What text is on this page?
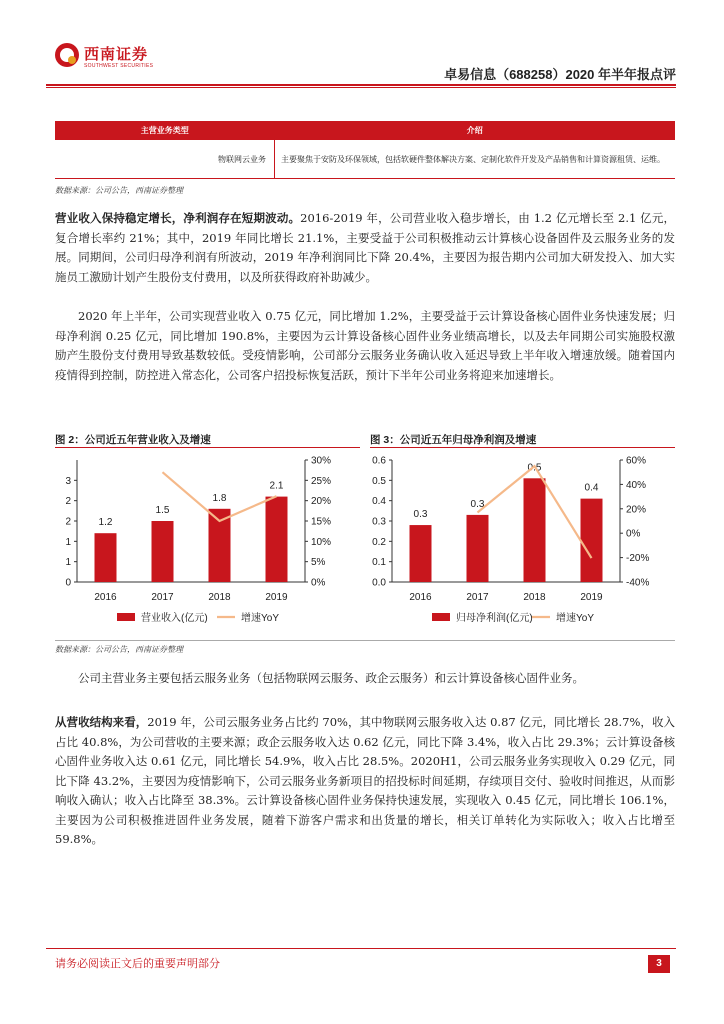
西南证券
SOUTHWEST SECURITIES
卓易信息（688258）2020 年半年报点评
主营业务类型	介绍
物联网云业务	主要聚焦于安防及环保领域，包括软硬件整体解决方案、定制化软件开发及产品销售和计算资源租赁、运维。
数据来源：公司公告，西南证券整理
营业收入保持稳定增长，净利润存在短期波动。2016-2019 年，公司营业收入稳步增长，由 1.2 亿元增长至 2.1 亿元，复合增长率约 21%；其中，2019 年同比增长 21.1%，主要受益于公司积极推动云计算核心设备固件及云服务业务的发展。同期间，公司归母净利润有所波动，2019 年净利润同比下降 20.4%，主要因为报告期内公司加大研发投入、加大实施员工激励计划产生股份支付费用，以及所获得政府补助减少。
2020 年上半年，公司实现营业收入 0.75 亿元，同比增加 1.2%，主要受益于云计算设备核心固件业务快速发展；归母净利润 0.25 亿元，同比增加 190.8%，主要因为云计算设备核心固件业务业绩高增长，以及去年同期公司实施股权激励产生股份支付费用导致基数较低。受疫情影响，公司部分云服务业务确认收入延迟导致上半年收入增速放缓。随着国内疫情得到控制，防控进入常态化，公司客户招投标恢复活跃，预计下半年公司业务将迎来加速增长。
图 2：公司近五年营业收入及增速	图 3：公司近五年归母净利润及增速
0
1
1
2
2
3
0%
5%
10%
15%
20%
25%
30%
1.2
2016
1.5
2017
1.8
2018
2.1
2019
营业收入(亿元)	增速YoY
0.0
0.1
0.2
0.3
0.4
0.5
0.6
-40%
-20%
0%
20%
40%
60%
0.3
2016
0.3
2017
0.5
2018
0.4
2019
归母净利润(亿元) 增速YoY
数据来源：公司公告，西南证券整理
公司主营业务主要包括云服务业务（包括物联网云服务、政企云服务）和云计算设备核心固件业务。
从营收结构来看，2019 年，公司云服务业务占比约 70%，其中物联网云服务收入达 0.87 亿元，同比增长 28.7%，收入占比 40.8%，为公司营收的主要来源；政企云服务收入达 0.62 亿元，同比下降 3.4%，收入占比 29.3%；云计算设备核心固件业务收入达 0.61 亿元，同比增长 54.9%，收入占比 28.5%。2020H1，公司云服务业务实现收入 0.29 亿元，同比下降 43.2%，主要因为疫情影响下，公司云服务业务新项目的招投标时间延期，存续项目交付、验收时间推迟，从而影响收入确认；收入占比降至 38.3%。云计算设备核心固件业务保持快速发展，实现收入 0.45 亿元，同比增长 106.1%，主要因为公司积极推进固件业务发展，随着下游客户需求和出货量的增长，相关订单转化为实际收入；收入占比增至 59.8%。
请务必阅读正文后的重要声明部分	3
